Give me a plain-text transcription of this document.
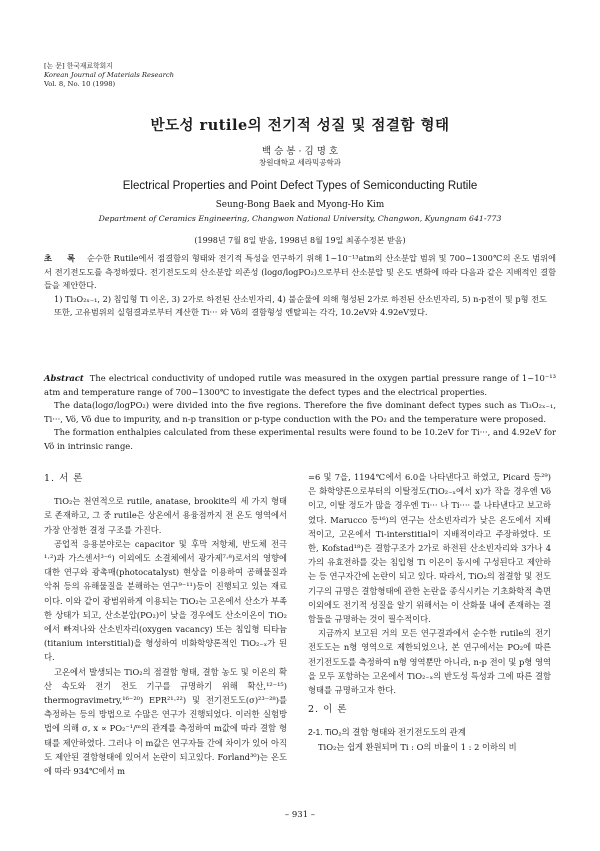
[논 문] 한국재료학회지
Korean Journal of Materials Research
Vol. 8, No. 10 (1998)
반도성 rutile의 전기적 성질 및 점결함 형태
백 승 봉 · 김 명 호
창원대학교 세라믹공학과
Electrical Properties and Point Defect Types of Semiconducting Rutile
Seung-Bong Baek and Myong-Ho Kim
Department of Ceramics Engineering, Changwon National University, Changwon, Kyungnam 641-773
(1998년 7월 8일 받음, 1998년 8월 19일 최종수정본 받음)

초 록 순수한 Rutile에서 점결함의 형태와 전기적 특성을 연구하기 위해 1~10⁻¹³atm의 산소분압 범위 및 700~1300℃의 온도 범위에서 전기전도도를 측정하였다. 전기전도도의 산소분압 의존성 (logσ/logPO₂)으로부터 산소분압 및 온도 변화에 따라 다음과 같은 지배적인 결함들을 제안한다.

1) Ti₃O₂ₓ₋₁, 2) 침입형 Ti 이온, 3) 2가로 하전된 산소빈자리, 4) 불순물에 의해 형성된 2가로 하전된 산소빈자리, 5) n-p전이 및 p형 전도

또한, 고유범위의 실험결과로부터 계산한 Ti··· 와 Vö의 결함형성 엔탈피는 각각, 10.2eV와 4.92eV였다.

Abstract The electrical conductivity of undoped rutile was measured in the oxygen partial pressure range of 1~10⁻¹³ atm and temperature range of 700~1300℃ to investigate the defect types and the electrical properties.

The data(logσ/logPO₂) were divided into the five regions. Therefore the five dominant defect types such as Ti₃O₂ₓ₋₁, Ti···, Vö, Vö due to impurity, and n-p transition or p-type conduction with the PO₂ and the temperature were proposed.

The formation enthalpies calculated from these experimental results were found to be 10.2eV for Ti···, and 4.92eV for Vö in intrinsic range.

1. 서 론

TiO₂는 천연적으로 rutile, anatase, brookite의 세 가지 형태로 존재하고, 그 중 rutile은 상온에서 용융점까지 전 온도 영역에서 가장 안정한 결정 구조를 가진다.

공업적 응용분야로는 capacitor 및 후막 저항체, 반도체 전극¹·²)과 가스센서³⁻⁶) 이외에도 소결체에서 광가제⁷·⁸)로서의 영향에 대한 연구와 광촉매(photocatalyst) 현상을 이용하여 공해물질과 악취 등의 유해물질을 분해하는 연구⁹⁻¹¹)등이 진행되고 있는 재료이다. 이와 같이 광범위하게 이용되는 TiO₂는 고온에서 산소가 부족한 상태가 되고, 산소분압(PO₂)이 낮을 경우에도 산소이온이 TiO₂에서 빠져나와 산소빈자리(oxygen vacancy) 또는 침입형 티타늄(titanium interstitial)을 형성하여 비화학양론적인 TiO₂₋ₓ가 된다.

고온에서 발생되는 TiO₂의 점결함 형태, 결함 농도 및 이온의 확산 속도와 전기 전도 기구를 규명하기 위해 확산,¹²⁻¹⁵) thermogravimetry,¹⁶⁻²⁰) EPR²¹·²²) 및 전기전도도(σ)²³⁻²⁸)를 측정하는 등의 방법으로 수많은 연구가 진행되었다. 이러한 실험방법에 의해 σ, x ∝ PO₂⁻¹/ᵐ의 관계를 측정하여 m값에 따라 결함 형태를 제안하였다. 그러나 이 m값은 연구자들 간에 차이가 있어 아직도 제안된 결함형태에 있어서 논란이 되고있다. Forland³⁰)는 온도에 따라 934℃에서 m

=6 및 7을, 1194℃에서 6.0을 나타낸다고 하였고, Picard 등²⁹)은 화학양론으로부터의 이탈정도(TiO₂₋ₓ에서 x)가 작을 경우엔 Vö이고, 이탈 정도가 많을 경우엔 Ti··· 나 Ti···· 를 나타낸다고 보고하였다. Marucco 등¹⁶)의 연구는 산소빈자리가 낮은 온도에서 지배적이고, 고온에서 Ti-interstitial이 지배적이라고 주장하였다. 또한, Kofstad¹⁸)은 결함구조가 2가로 하전된 산소빈자리와 3가나 4가의 유효전하를 갖는 침입형 Ti 이온이 동시에 구성된다고 제안하는 등 연구자간에 논란이 되고 있다. 따라서, TiO₂의 점결함 및 전도기구의 규명은 결함형태에 관한 논란을 종식시키는 기초화학적 측면 이외에도 전기적 성질을 알기 위해서는 이 산화물 내에 존재하는 결함들을 규명하는 것이 필수적이다.

지금까지 보고된 거의 모든 연구결과에서 순수한 rutile의 전기전도도는 n형 영역으로 제한되었으나, 본 연구에서는 PO₂에 따른 전기전도도를 측정하여 n형 영역뿐만 아니라, n-p 전이 및 p형 영역을 모두 포함하는 고온에서 TiO₂₋ₓ의 반도성 특성과 그에 따른 결함 형태를 규명하고자 한다.

2. 이 론

2-1. TiO₂의 결함 형태와 전기전도도의 관계

TiO₂는 쉽게 환원되며 Ti : O의 비율이 1 : 2 이하의 비

– 931 –
